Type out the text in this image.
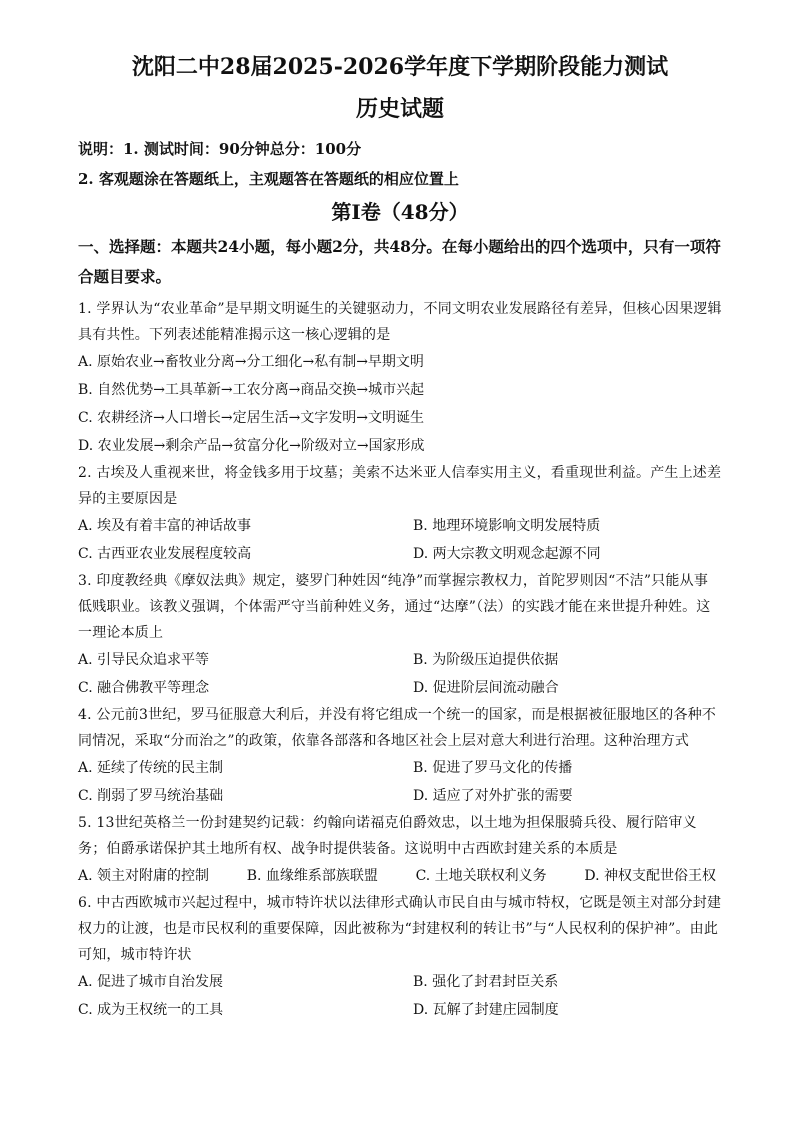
沈阳二中28届2025-2026学年度下学期阶段能力测试
历史试题
说明：1. 测试时间：90分钟总分：100分
2. 客观题涂在答题纸上，主观题答在答题纸的相应位置上
第Ⅰ卷（48分）
一、选择题：本题共24小题，每小题2分，共48分。在每小题给出的四个选项中，只有一项符合题目要求。
1. 学界认为“农业革命”是早期文明诞生的关键驱动力，不同文明农业发展路径有差异，但核心因果逻辑具有共性。下列表述能精准揭示这一核心逻辑的是
A. 原始农业→畜牧业分离→分工细化→私有制→早期文明
B. 自然优势→工具革新→工农分离→商品交换→城市兴起
C. 农耕经济→人口增长→定居生活→文字发明→文明诞生
D. 农业发展→剩余产品→贫富分化→阶级对立→国家形成
2. 古埃及人重视来世，将金钱多用于坟墓；美索不达米亚人信奉实用主义，看重现世利益。产生上述差异的主要原因是
A. 埃及有着丰富的神话故事	B. 地理环境影响文明发展特质
C. 古西亚农业发展程度较高	D. 两大宗教文明观念起源不同
3. 印度教经典《摩奴法典》规定，婆罗门种姓因“纯净”而掌握宗教权力，首陀罗则因“不洁”只能从事低贱职业。该教义强调，个体需严守当前种姓义务，通过“达摩”（法）的实践才能在来世提升种姓。这一理论本质上
A. 引导民众追求平等	B. 为阶级压迫提供依据
C. 融合佛教平等理念	D. 促进阶层间流动融合
4. 公元前3世纪，罗马征服意大利后，并没有将它组成一个统一的国家，而是根据被征服地区的各种不同情况，采取“分而治之”的政策，依靠各部落和各地区社会上层对意大利进行治理。这种治理方式
A. 延续了传统的民主制	B. 促进了罗马文化的传播
C. 削弱了罗马统治基础	D. 适应了对外扩张的需要
5. 13世纪英格兰一份封建契约记载：约翰向诺福克伯爵效忠，以土地为担保服骑兵役、履行陪审义务；伯爵承诺保护其土地所有权、战争时提供装备。这说明中古西欧封建关系的本质是
A. 领主对附庸的控制	B. 血缘维系部族联盟	C. 土地关联权利义务	D. 神权支配世俗王权
6. 中古西欧城市兴起过程中，城市特许状以法律形式确认市民自由与城市特权，它既是领主对部分封建权力的让渡，也是市民权利的重要保障，因此被称为“封建权利的转让书”与“人民权利的保护神”。由此可知，城市特许状
A. 促进了城市自治发展	B. 强化了封君封臣关系
C. 成为王权统一的工具	D. 瓦解了封建庄园制度
